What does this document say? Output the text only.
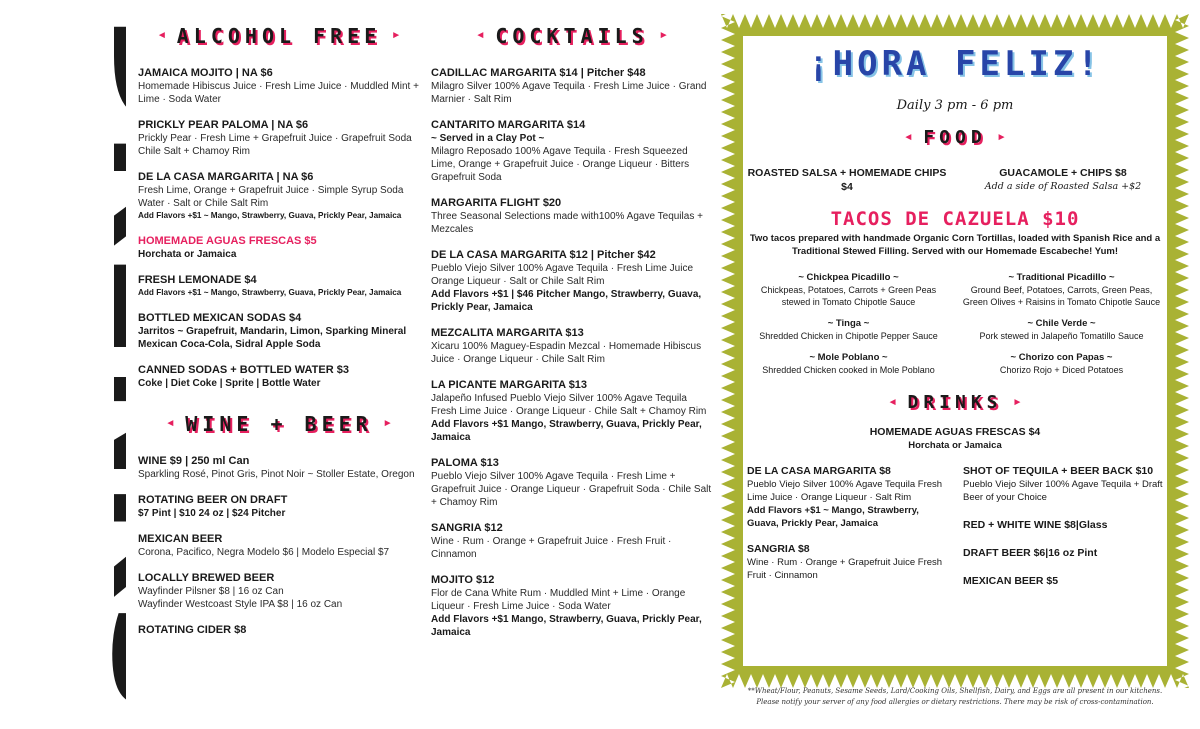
DRINKS
◄ ALCOHOL FREE ►
JAMAICA MOJITO | NA $6
Homemade Hibiscus Juice · Fresh Lime Juice · Muddled Mint + Lime · Soda Water
PRICKLY PEAR PALOMA | NA $6
Prickly Pear · Fresh Lime + Grapefruit Juice · Grapefruit Soda Chile Salt + Chamoy Rim
DE LA CASA MARGARITA | NA $6
Fresh Lime, Orange + Grapefruit Juice · Simple Syrup Soda Water · Salt or Chile Salt Rim
Add Flavors +$1 ~ Mango, Strawberry, Guava, Prickly Pear, Jamaica
HOMEMADE AGUAS FRESCAS $5
Horchata or Jamaica
FRESH LEMONADE $4
Add Flavors +$1 ~ Mango, Strawberry, Guava, Prickly Pear, Jamaica
BOTTLED MEXICAN SODAS $4
Jarritos ~ Grapefruit, Mandarin, Limon, Sparking Mineral Mexican Coca-Cola, Sidral Apple Soda
CANNED SODAS + BOTTLED WATER $3
Coke | Diet Coke | Sprite | Bottle Water
◄ WINE + BEER ►
WINE $9 | 250 ml Can
Sparkling Rosé, Pinot Gris, Pinot Noir ~ Stoller Estate, Oregon
ROTATING BEER ON DRAFT
$7 Pint | $10 24 oz | $24 Pitcher
MEXICAN BEER
Corona, Pacifico, Negra Modelo $6 | Modelo Especial $7
LOCALLY BREWED BEER
Wayfinder Pilsner $8 | 16 oz Can
Wayfinder Westcoast Style IPA $8 | 16 oz Can
ROTATING CIDER $8
◄ COCKTAILS ►
CADILLAC MARGARITA $14 | Pitcher $48
Milagro Silver 100% Agave Tequila · Fresh Lime Juice · Grand Marnier · Salt Rim
CANTARITO MARGARITA $14
~ Served in a Clay Pot ~
Milagro Reposado 100% Agave Tequila · Fresh Squeezed Lime, Orange + Grapefruit Juice · Orange Liqueur · Bitters Grapefruit Soda
MARGARITA FLIGHT $20
Three Seasonal Selections made with100% Agave Tequilas + Mezcales
DE LA CASA MARGARITA $12 | Pitcher $42
Pueblo Viejo Silver 100% Agave Tequila · Fresh Lime Juice Orange Liqueur · Salt or Chile Salt Rim
Add Flavors +$1 | $46 Pitcher Mango, Strawberry, Guava, Prickly Pear, Jamaica
MEZCALITA MARGARITA $13
Xicaru 100% Maguey-Espadin Mezcal · Homemade Hibiscus Juice · Orange Liqueur · Chile Salt Rim
LA PICANTE MARGARITA $13
Jalapeño Infused Pueblo Viejo Silver 100% Agave Tequila Fresh Lime Juice · Orange Liqueur · Chile Salt + Chamoy Rim
Add Flavors +$1 Mango, Strawberry, Guava, Prickly Pear, Jamaica
PALOMA $13
Pueblo Viejo Silver 100% Agave Tequila · Fresh Lime + Grapefruit Juice · Orange Liqueur · Grapefruit Soda · Chile Salt + Chamoy Rim
SANGRIA $12
Wine · Rum · Orange + Grapefruit Juice · Fresh Fruit · Cinnamon
MOJITO $12
Flor de Cana White Rum · Muddled Mint + Lime · Orange Liqueur · Fresh Lime Juice · Soda Water
Add Flavors +$1 Mango, Strawberry, Guava, Prickly Pear, Jamaica
¡HORA FELIZ!
Daily 3 pm - 6 pm
◄ FOOD ►
ROASTED SALSA + HOMEMADE CHIPS $4
GUACAMOLE + CHIPS $8
Add a side of Roasted Salsa +$2
TACOS DE CAZUELA $10
Two tacos prepared with handmade Organic Corn Tortillas, loaded with Spanish Rice and a Traditional Stewed Filling. Served with our Homemade Escabeche! Yum!
~ Chickpea Picadillo ~
Chickpeas, Potatoes, Carrots + Green Peas stewed in Tomato Chipotle Sauce
~ Traditional Picadillo ~
Ground Beef, Potatoes, Carrots, Green Peas, Green Olives + Raisins in Tomato Chipotle Sauce
~ Tinga ~
Shredded Chicken in Chipotle Pepper Sauce
~ Chile Verde ~
Pork stewed in Jalapeño Tomatillo Sauce
~ Mole Poblano ~
Shredded Chicken cooked in Mole Poblano
~ Chorizo con Papas ~
Chorizo Rojo + Diced Potatoes
◄ DRINKS ►
HOMEMADE AGUAS FRESCAS $4
Horchata or Jamaica
DE LA CASA MARGARITA $8
Pueblo Viejo Silver 100% Agave Tequila Fresh Lime Juice · Orange Liqueur · Salt Rim
Add Flavors +$1 ~ Mango, Strawberry, Guava, Prickly Pear, Jamaica
SANGRIA $8
Wine · Rum · Orange + Grapefruit Juice Fresh Fruit · Cinnamon
SHOT OF TEQUILA + BEER BACK $10
Pueblo Viejo Silver 100% Agave Tequila + Draft Beer of your Choice
RED + WHITE WINE $8|Glass
DRAFT BEER $6|16 oz Pint
MEXICAN BEER $5
**Wheat/Flour, Peanuts, Sesame Seeds, Lard/Cooking Oils, Shellfish, Dairy, and Eggs are all present in our kitchens.
Please notify your server of any food allergies or dietary restrictions. There may be risk of cross-contamination.
